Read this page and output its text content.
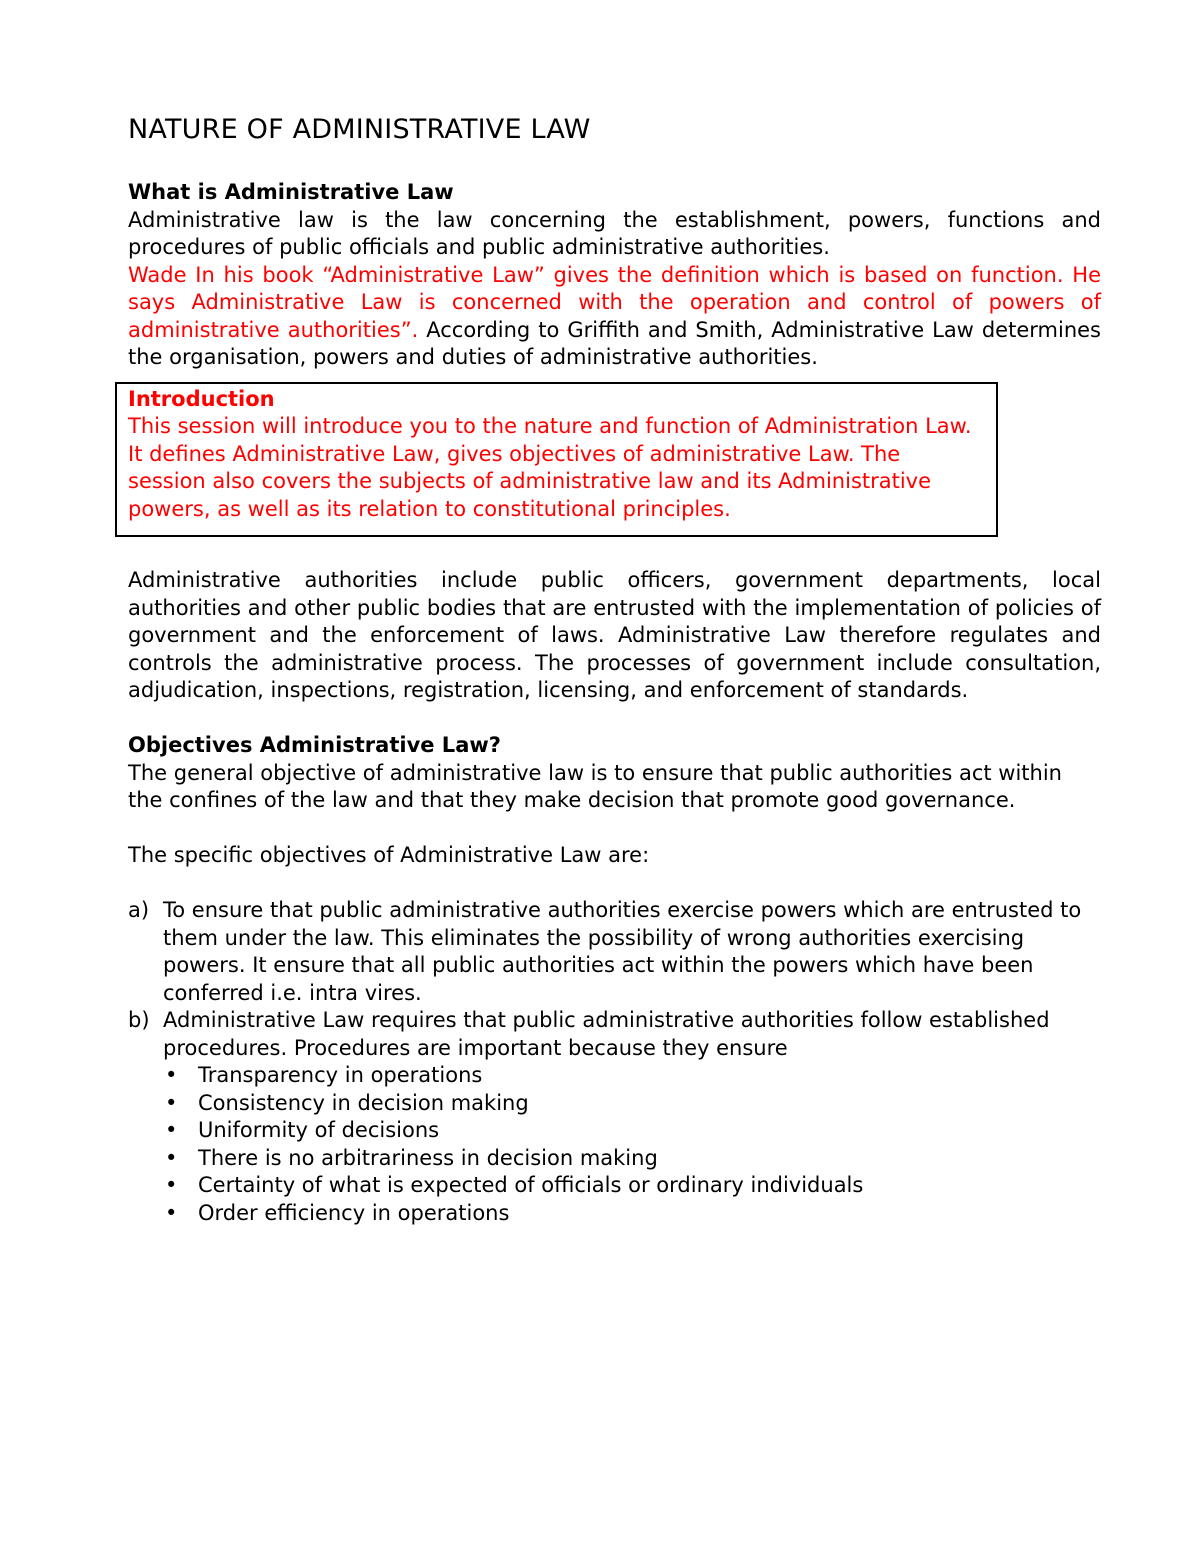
NATURE OF ADMINISTRATIVE LAW
What is Administrative Law

Administrative law is the law concerning the establishment, powers, functions and procedures of public officials and public administrative authorities.

Wade In his book “Administrative Law” gives the definition which is based on function. He says Administrative Law is concerned with the operation and control of powers of administrative authorities”. According to Griffith and Smith, Administrative Law determines the organisation, powers and duties of administrative authorities.

Introduction

This session will introduce you to the nature and function of Administration Law. It defines Administrative Law, gives objectives of administrative Law. The session also covers the subjects of administrative law and its Administrative powers, as well as its relation to constitutional principles.

Administrative authorities include public officers, government departments, local authorities and other public bodies that are entrusted with the implementation of policies of government and the enforcement of laws. Administrative Law therefore regulates and controls the administrative process. The processes of government include consultation, adjudication, inspections, registration, licensing, and enforcement of standards.

Objectives Administrative Law?

The general objective of administrative law is to ensure that public authorities act within the confines of the law and that they make decision that promote good governance.

The specific objectives of Administrative Law are:

a) To ensure that public administrative authorities exercise powers which are entrusted to them under the law. This eliminates the possibility of wrong authorities exercising powers. It ensure that all public authorities act within the powers which have been conferred i.e. intra vires.
b) Administrative Law requires that public administrative authorities follow established procedures. Procedures are important because they ensure
• Transparency in operations
• Consistency in decision making
• Uniformity of decisions
• There is no arbitrariness in decision making
• Certainty of what is expected of officials or ordinary individuals
• Order efficiency in operations
